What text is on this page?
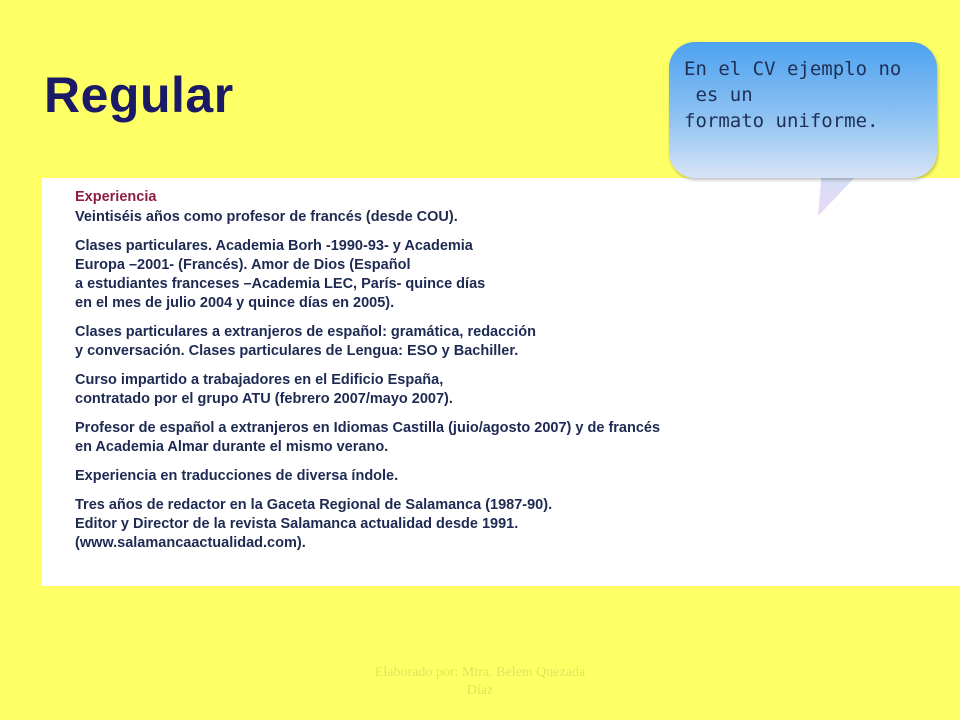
Regular	En el CV ejemplo no
es un
formato uniforme.
Experiencia
Veintiséis años como profesor de francés (desde COU).
Clases particulares. Academia Borh -1990-93- y Academia
Europa –2001- (Francés). Amor de Dios (Español
a estudiantes franceses –Academia LEC, París- quince días
en el mes de julio 2004 y quince días en 2005).
Clases particulares a extranjeros de español: gramática, redacción
y conversación. Clases particulares de Lengua: ESO y Bachiller.
Curso impartido a trabajadores en el Edificio España,
contratado por el grupo ATU (febrero 2007/mayo 2007).
Profesor de español a extranjeros en Idiomas Castilla (juio/agosto 2007) y de francés
en Academia Almar durante el mismo verano.
Experiencia en traducciones de diversa índole.
Tres años de redactor en la Gaceta Regional de Salamanca (1987-90).
Editor y Director de la revista Salamanca actualidad desde 1991.
(www.salamancaactualidad.com).
Elaborado por: Mtra. Belem Quezada
Díaz
